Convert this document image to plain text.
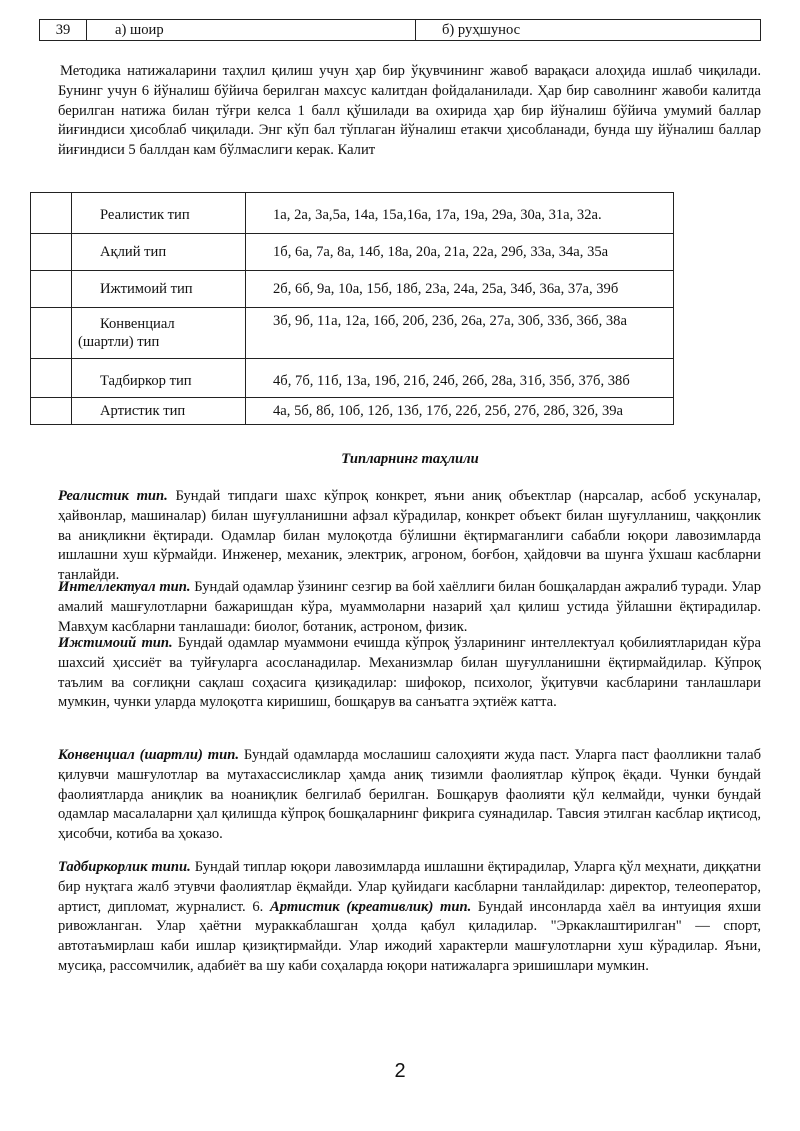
39	а) шоир	б) руҳшунос

Методика натижаларини таҳлил қилиш учун ҳар бир ўқувчининг жавоб варақаси алоҳида ишлаб чиқилади. Бунинг учун 6 йўналиш бўйича берилган махсус калитдан фойдаланилади. Ҳар бир саволнинг жавоби калитда берилган натижа билан тўғри келса 1 балл қўшилади ва охирида ҳар бир йўналиш бўйича умумий баллар йиғиндиси ҳисоблаб чиқилади. Энг кўп бал тўплаган йўналиш етакчи ҳисобланади, бунда шу йўналиш баллар йиғиндиси 5 баллдан кам бўлмаслиги керак. Калит

	Реалистик тип	1а, 2а, 3а,5а, 14а, 15а,16а, 17а, 19а, 29а, 30а, 31а, 32а.
	Ақлий тип	1б, 6а, 7а, 8а, 14б, 18а, 20а, 21а, 22а, 29б, 33а, 34а, 35а
	Ижтимоий тип	2б, 6б, 9а, 10а, 15б, 18б, 23а, 24а, 25а, 34б, 36а, 37а, 39б

	Конвенциал
(шартли) тип	3б, 9б, 11а, 12а, 16б, 20б, 23б, 26а, 27а, 30б, 33б, 36б, 38а
	Тадбиркор тип	4б, 7б, 11б, 13а, 19б, 21б, 24б, 26б, 28а, 31б, 35б, 37б, 38б
	Артистик тип	4а, 5б, 8б, 10б, 12б, 13б, 17б, 22б, 25б, 27б, 28б, 32б, 39а
Типларнинг таҳлили

Реалистик тип. Бундай типдаги шахс кўпроқ конкрет, яъни аниқ объектлар (нарсалар, асбоб ускуналар, ҳайвонлар, машиналар) билан шуғулланишни афзал кўрадилар, конкрет объект билан шуғулланиш, чаққонлик ва аниқликни ёқтиради. Одамлар билан мулоқотда бўлишни ёқтирмаганлиги сабабли юқори лавозимларда ишлашни хуш кўрмайди. Инженер, механик, электрик, агроном, боғбон, ҳайдовчи ва шунга ўхшаш касбларни танлайди.

Интеллектуал тип. Бундай одамлар ўзининг сезгир ва бой хаёллиги билан бошқалардан ажралиб туради. Улар амалий машғулотларни бажаришдан кўра, муаммоларни назарий ҳал қилиш устида ўйлашни ёқтирадилар. Мавҳум касбларни танлашади: биолог, ботаник, астроном, физик.

Ижтимоий тип. Бундай одамлар муаммони ечишда кўпроқ ўзларининг интеллектуал қобилиятларидан кўра шахсий ҳиссиёт ва туйғуларга асосланадилар. Механизмлар билан шуғулланишни ёқтирмайдилар. Кўпроқ таълим ва соғлиқни сақлаш соҳасига қизиқадилар: шифокор, психолог, ўқитувчи касбларини танлашлари мумкин, чунки уларда мулоқотга киришиш, бошқарув ва санъатга эҳтиёж катта.

Конвенциал (шартли) тип. Бундай одамларда мослашиш салоҳияти жуда паст. Уларга паст фаолликни талаб қилувчи машғулотлар ва мутахассисликлар ҳамда аниқ тизимли фаолиятлар кўпроқ ёқади. Чунки бундай фаолиятларда аниқлик ва ноаниқлик белгилаб берилган. Бошқарув фаолияти қўл келмайди, чунки бундай одамлар масалаларни ҳал қилишда кўпроқ бошқаларнинг фикрига суянадилар. Тавсия этилган касблар иқтисод, ҳисобчи, котиба ва ҳоказо.

Тадбиркорлик типи. Бундай типлар юқори лавозимларда ишлашни ёқтирадилар, Уларга қўл меҳнати, диққатни бир нуқтага жалб этувчи фаолиятлар ёқмайди. Улар қуйидаги касбларни танлайдилар: директор, телеоператор, артист, дипломат, журналист. 6. Артистик (креативлик) тип. Бундай инсонларда хаёл ва интуиция яхши ривожланган. Улар ҳаётни мураккаблашган ҳолда қабул қиладилар. "Эркаклаштирилган" — спорт, автотаъмирлаш каби ишлар қизиқтирмайди. Улар ижодий характерли машғулотларни хуш кўрадилар. Яъни, мусиқа, рассомчилик, адабиёт ва шу каби соҳаларда юқори натижаларга эришишлари мумкин.

2
